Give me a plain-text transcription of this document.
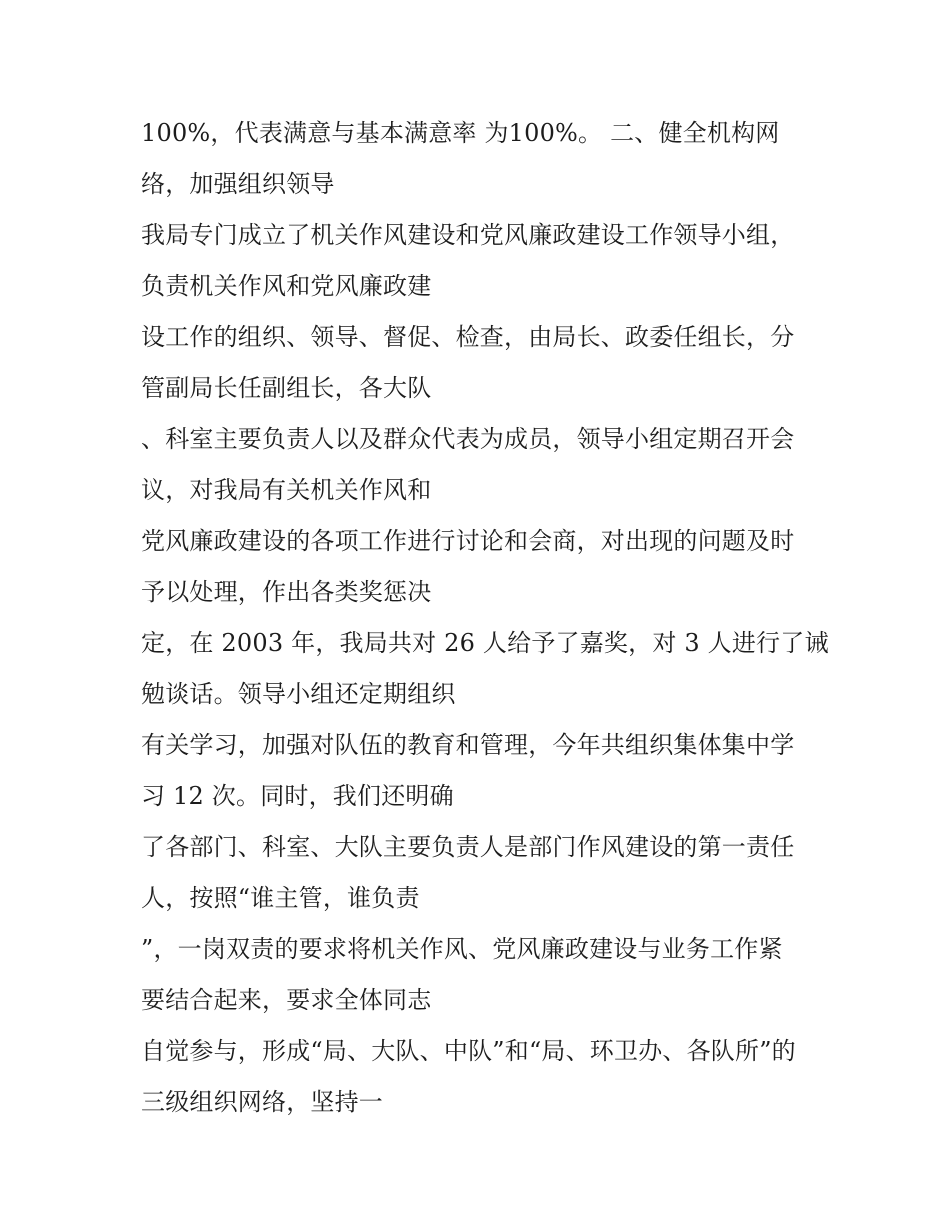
100%，代表满意与基本满意率 为100%。 二、健全机构网
络，加强组织领导
我局专门成立了机关作风建设和党风廉政建设工作领导小组，
负责机关作风和党风廉政建
设工作的组织、领导、督促、检查，由局长、政委任组长，分
管副局长任副组长，各大队
、科室主要负责人以及群众代表为成员，领导小组定期召开会
议，对我局有关机关作风和
党风廉政建设的各项工作进行讨论和会商，对出现的问题及时
予以处理，作出各类奖惩决
定，在 2003 年，我局共对 26 人给予了嘉奖，对 3 人进行了诫
勉谈话。领导小组还定期组织
有关学习，加强对队伍的教育和管理，今年共组织集体集中学
习 12 次。同时，我们还明确
了各部门、科室、大队主要负责人是部门作风建设的第一责任
人，按照“谁主管，谁负责
”，一岗双责的要求将机关作风、党风廉政建设与业务工作紧
要结合起来，要求全体同志
自觉参与，形成“局、大队、中队”和“局、环卫办、各队所”的
三级组织网络，坚持一
